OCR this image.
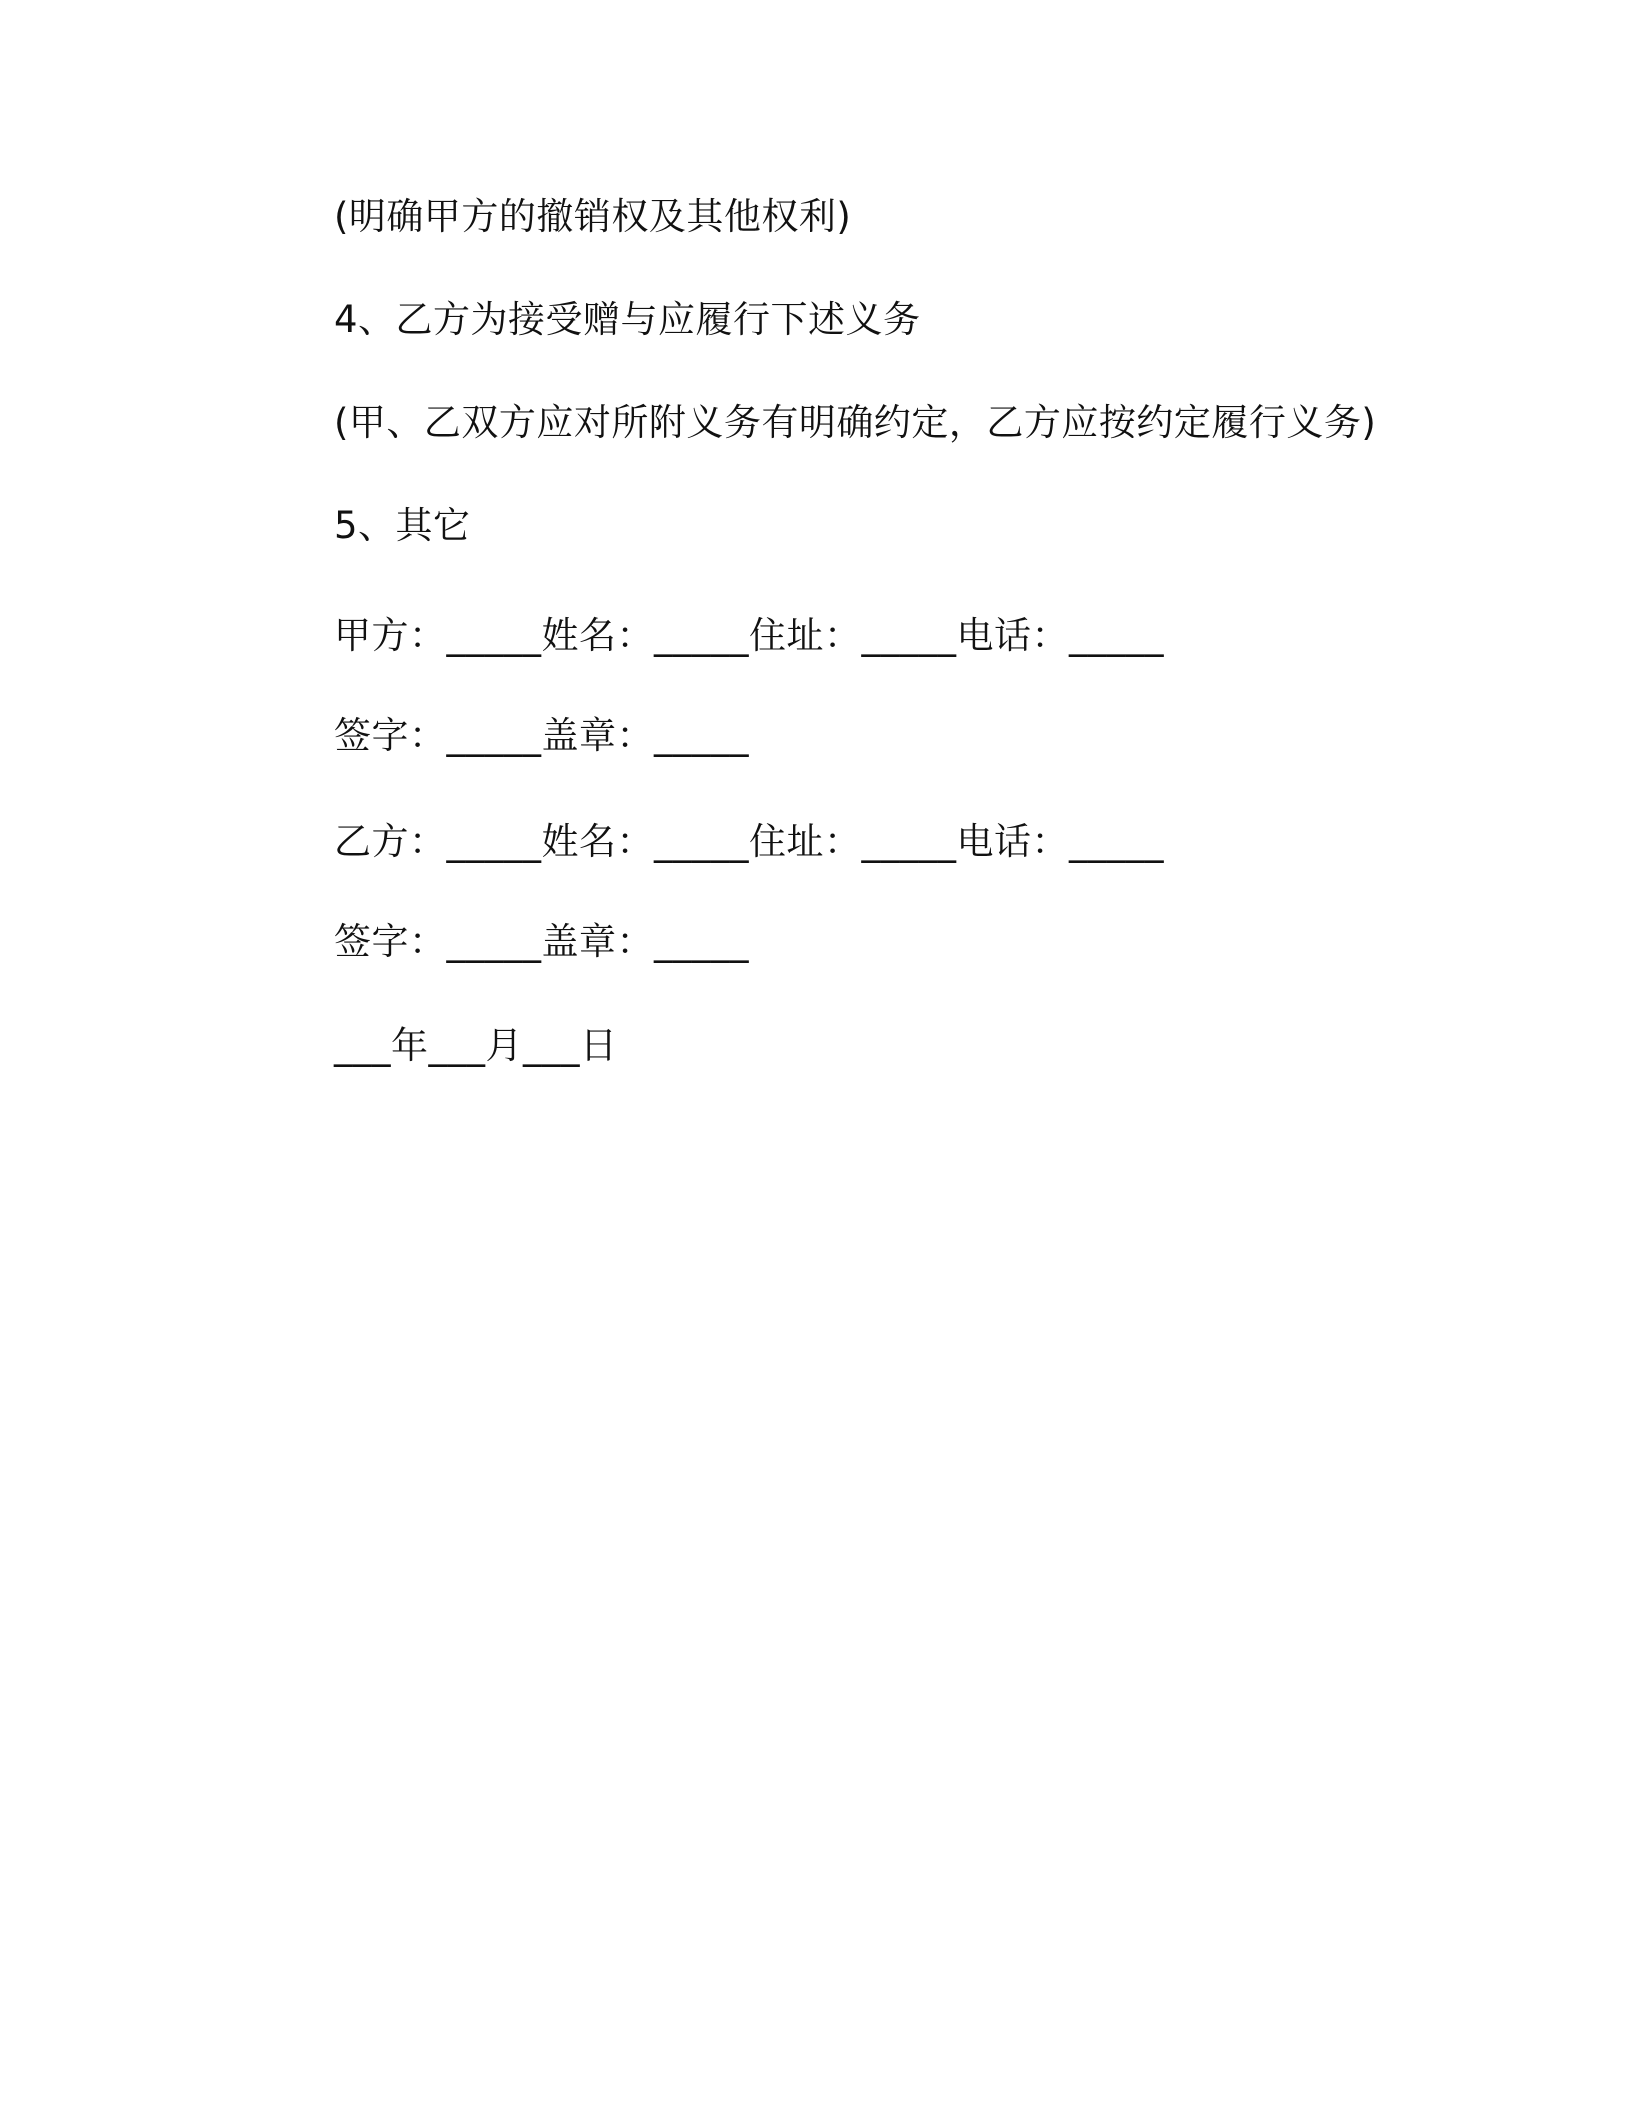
(明确甲方的撤销权及其他权利)

4、乙方为接受赠与应履行下述义务

(甲、乙双方应对所附义务有明确约定，乙方应按约定履行义务)

5、其它

甲方：_____姓名：_____住址：_____电话：_____

签字：_____盖章：_____

乙方：_____姓名：_____住址：_____电话：_____

签字：_____盖章：_____

___年___月___日
